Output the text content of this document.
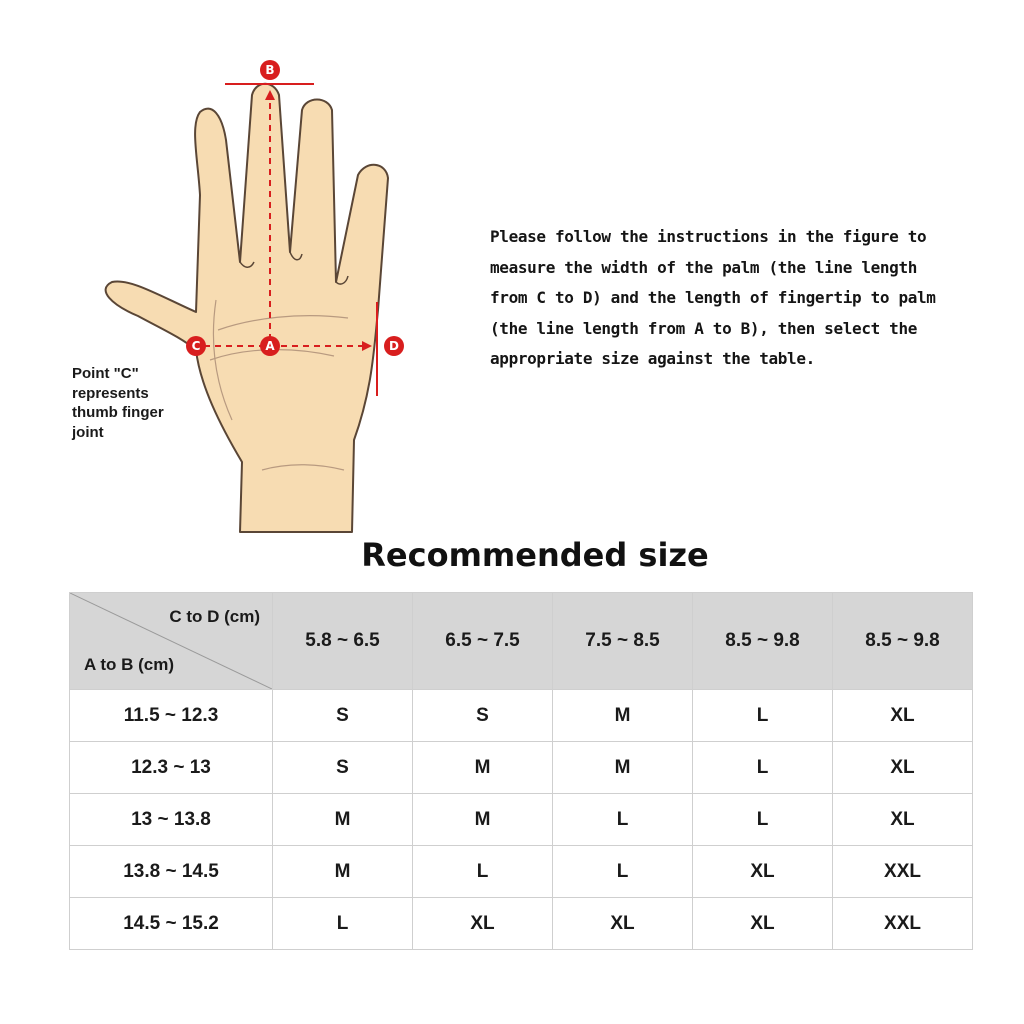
B
A
C	D
Point "C"
represents
thumb finger
joint
Please follow the instructions in the figure to
measure the width of the palm (the line length
from C to D) and the length of fingertip to palm
(the line length from A to B), then select the
appropriate size against the table.
Recommended size
C to D (cm)
A to B (cm)	5.8 ~ 6.5	6.5 ~ 7.5	7.5 ~ 8.5	8.5 ~ 9.8	8.5 ~ 9.8
11.5 ~ 12.3	S	S	M	L	XL
12.3 ~ 13	S	M	M	L	XL
13 ~ 13.8	M	M	L	L	XL
13.8 ~ 14.5	M	L	L	XL	XXL
14.5 ~ 15.2	L	XL	XL	XL	XXL
